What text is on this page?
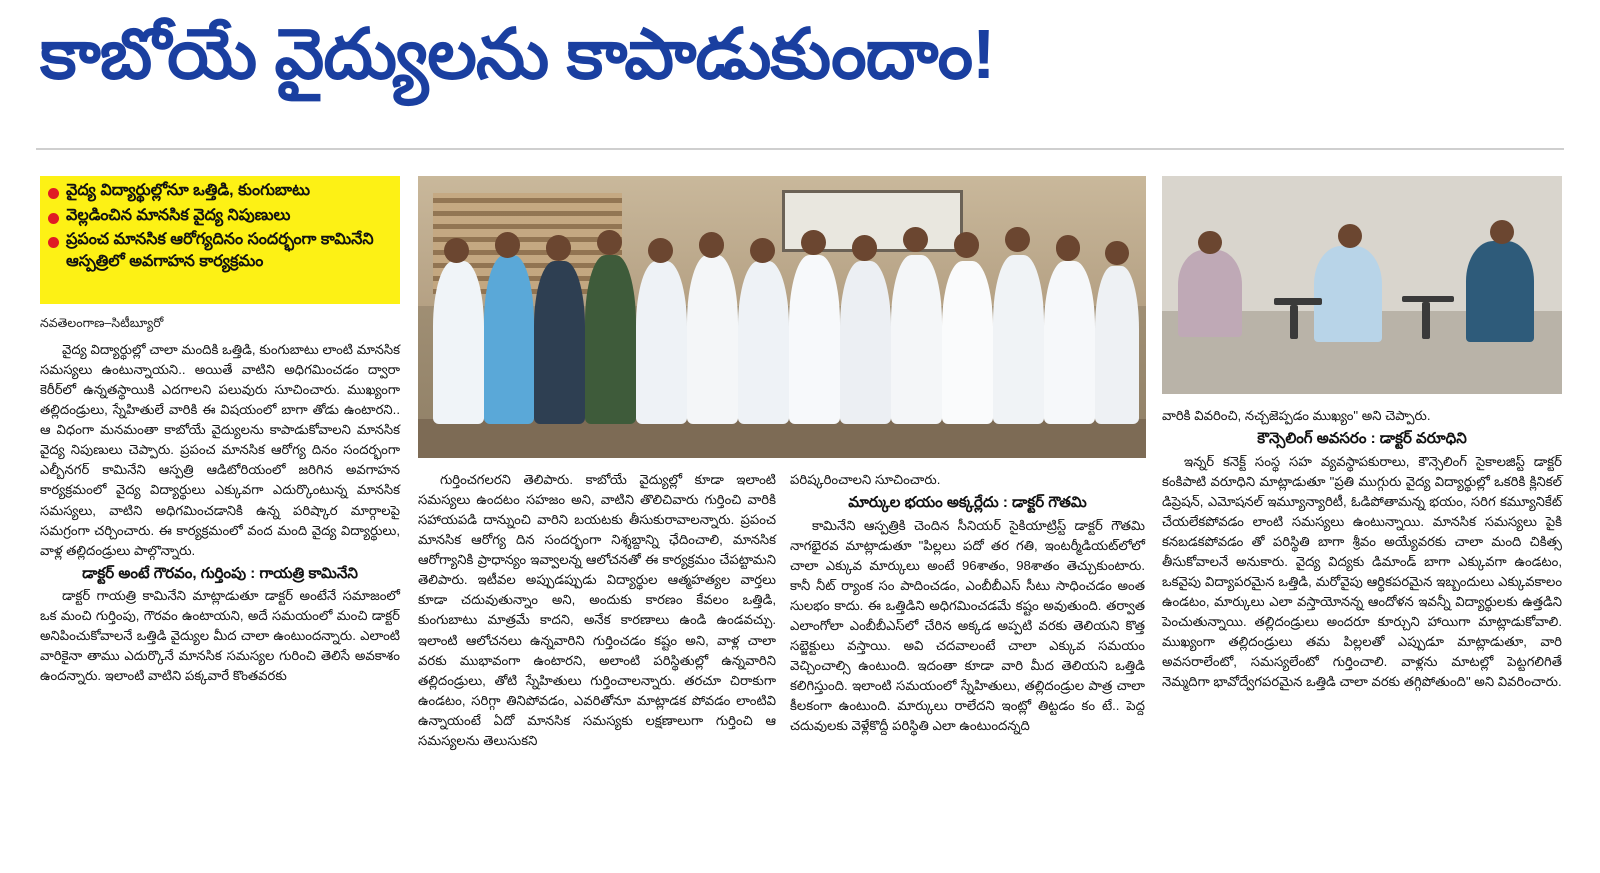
కాబోయే వైద్యులను కాపాడుకుందాం!
వైద్య విద్యార్థుల్లోనూ ఒత్తిడి, కుంగుబాటు
వెల్లడించిన మానసిక వైద్య నిపుణులు
ప్రపంచ మానసిక ఆరోగ్యదినం సందర్భంగా కామినేని ఆస్పత్రిలో అవగాహన కార్యక్రమం
నవతెలంగాణ–సిటీబ్యూరో

వైద్య విద్యార్థుల్లో చాలా మందికి ఒత్తిడి, కుంగుబాటు లాంటి మానసిక సమస్యలు ఉంటున్నాయని.. అయితే వాటిని అధిగమించడం ద్వారా కెరీర్‌లో ఉన్నతస్థాయికి ఎదగాలని పలువురు సూచించారు. ముఖ్యంగా తల్లిదండ్రులు, స్నేహితులే వారికి ఈ విషయంలో బాగా తోడు ఉంటారని.. ఆ విధంగా మనమంతా కాబోయే వైద్యులను కాపాడుకోవాలని మానసిక వైద్య నిపుణులు చెప్పారు. ప్రపంచ మానసిక ఆరోగ్య దినం సందర్భంగా ఎల్బీనగర్ కామినేని ఆస్పత్రి ఆడిటోరియంలో జరిగిన అవగాహన కార్యక్రమంలో వైద్య విద్యార్థులు ఎక్కువగా ఎదుర్కొంటున్న మానసిక సమస్యలు, వాటిని అధిగమించడానికి ఉన్న పరిష్కార మార్గాలపై సమగ్రంగా చర్చించారు. ఈ కార్యక్రమంలో వంద మంది వైద్య విద్యార్థులు, వాళ్ల తల్లిదండ్రులు పాల్గొన్నారు.

డాక్టర్‌ అంటే గౌరవం, గుర్తింపు : గాయత్రి కామినేని

డాక్టర్‌ గాయత్రి కామినేని మాట్లాడుతూ డాక్టర్‌ అంటేనే సమాజంలో ఒక మంచి గుర్తింపు, గౌరవం ఉంటాయని, అదే సమయంలో మంచి డాక్టర్‌ అనిపించుకోవాలనే ఒత్తిడి వైద్యుల మీద చాలా ఉంటుందన్నారు. ఎలాంటి వారికైనా తాము ఎదుర్కొనే మానసిక సమస్యల గురించి తెలిసే అవకాశం ఉందన్నారు. ఇలాంటి వాటిని పక్కవారే కొంతవరకు

గుర్తించగలరని తెలిపారు. కాబోయే వైద్యుల్లో కూడా ఇలాంటి సమస్యలు ఉందటం సహజం అని, వాటిని తొలిచివారు గుర్తించి వారికి సహాయపడి దాన్నుంచి వారిని బయటకు తీసుకురావాలన్నారు. ప్రపంచ మానసిక ఆరోగ్య దిన సందర్భంగా నిశ్శబ్దాన్ని ఛేదించాలి, మానసిక ఆరోగ్యానికి ప్రాధాన్యం ఇవ్వాలన్న ఆలోచనతో ఈ కార్యక్రమం చేపట్టామని తెలిపారు. ఇటీవల అప్పుడప్పుడు విద్యార్థుల ఆత్మహత్యల వార్తలు కూడా చదువుతున్నాం అని, అందుకు కారణం కేవలం ఒత్తిడి, కుంగుబాటు మాత్రమే కాదని, అనేక కారణాలు ఉండి ఉండవచ్చు. ఇలాంటి ఆలోచనలు ఉన్నవారిని గుర్తించడం కష్టం అని, వాళ్ల చాలా వరకు ముభావంగా ఉంటారని, అలాంటి పరిస్థితుల్లో ఉన్నవారిని తల్లిదండ్రులు, తోటి స్నేహితులు గుర్తించాలన్నారు. తరచూ చిరాకుగా ఉండటం, సరిగ్గా తినిపోవడం, ఎవరితోనూ మాట్లాడక పోవడం లాంటివి ఉన్నాయంటే ఏదో మానసిక సమస్యకు లక్షణాలుగా గుర్తించి ఆ సమస్యలను తెలుసుకని

పరిష్కరించాలని సూచించారు.

మార్కుల భయం అక్కర్లేదు : డాక్టర్‌ గౌతమి

కామినేని ఆస్పత్రికి చెందిన సీనియర్‌ సైకియాట్రిస్ట్‌ డాక్టర్‌ గౌతమి నాగభైరవ మాట్లాడుతూ "పిల్లలు పదో తర గతి, ఇంటర్మీడియట్‌లోలో చాలా ఎక్కువ మార్కులు అంటే 96శాతం, 98శాతం తెచ్చుకుంటారు. కానీ నీట్‌ ర్యాంక సం పాదించడం, ఎంబీబీఎస్‌ సీటు సాధించడం అంత సులభం కాదు. ఈ ఒత్తిడిని అధిగమించడమే కష్టం అవుతుంది. తర్వాత ఎలాంగోలా ఎంబీబీఎస్‌లో చేరిన అక్కడ అప్పటి వరకు తెలియని కొత్త సబ్జెక్టులు వస్తాయి. అవి చదవాలంటే చాలా ఎక్కువ సమయం వెచ్చించాల్సి ఉంటుంది. ఇదంతా కూడా వారి మీద తెలియని ఒత్తిడి కలిగిస్తుంది. ఇలాంటి సమయంలో స్నేహితులు, తల్లిదండ్రుల పాత్ర చాలా కీలకంగా ఉంటుంది. మార్కులు రాలేదని ఇంట్లో తిట్టడం కం టే.. పెద్ద చదువులకు వెళ్లేకొద్దీ పరిస్థితి ఎలా ఉంటుందన్నది

వారికి వివరించి, నచ్చజెప్పడం ముఖ్యం" అని చెప్పారు.

కౌన్సెలింగ్‌ అవసరం : డాక్టర్‌ వరూధిని

ఇన్నర్‌ కనెక్ట్‌ సంస్థ సహ వ్యవస్థాపకురాలు, కౌన్సెలింగ్‌ సైకాలజిస్ట్‌ డాక్టర్‌ కంకిపాటి వరూధిని మాట్లాడుతూ "ప్రతి ముగ్గురు వైద్య విద్యార్థుల్లో ఒకరికి క్లినికల్‌ డిప్రెషన్‌, ఎమోషనల్‌ ఇమ్యూన్యారిటీ, ఓడిపోతామన్న భయం, సరిగ కమ్యూనికేట్‌ చేయలేకపోవడం లాంటి సమస్యలు ఉంటున్నాయి. మానసిక సమస్యలు పైకి కనబడకపోవడం తో పరిస్థితి బాగా శ్రీవం అయ్యేవరకు చాలా మంది చికిత్స తీసుకోవాలనే అనుకారు. వైద్య విద్యకు డిమాండ్‌ బాగా ఎక్కువగా ఉండటం, ఒకవైపు విద్యాపరమైన ఒత్తిడి, మరోవైపు ఆర్థికపరమైన ఇబ్బందులు ఎక్కువకాలం ఉండటం, మార్కులు ఎలా వస్తాయోనన్న ఆందోళన ఇవన్నీ విద్యార్థులకు ఉత్తడిని పెంచుతున్నాయి. తల్లిదండ్రులు అందరూ కూర్చుని హాయిగా మాట్లాడుకోవాలి. ముఖ్యంగా తల్లిదండ్రులు తమ పిల్లలతో ఎప్పుడూ మాట్లాడుతూ, వారి అవసరాలేంటో, సమస్యలేంటో గుర్తించాలి. వాళ్లను మాటల్లో పెట్టగలిగితే నెమ్మదిగా భావోద్వేగపరమైన ఒత్తిడి చాలా వరకు తగ్గిపోతుంది" అని వివరించారు.
